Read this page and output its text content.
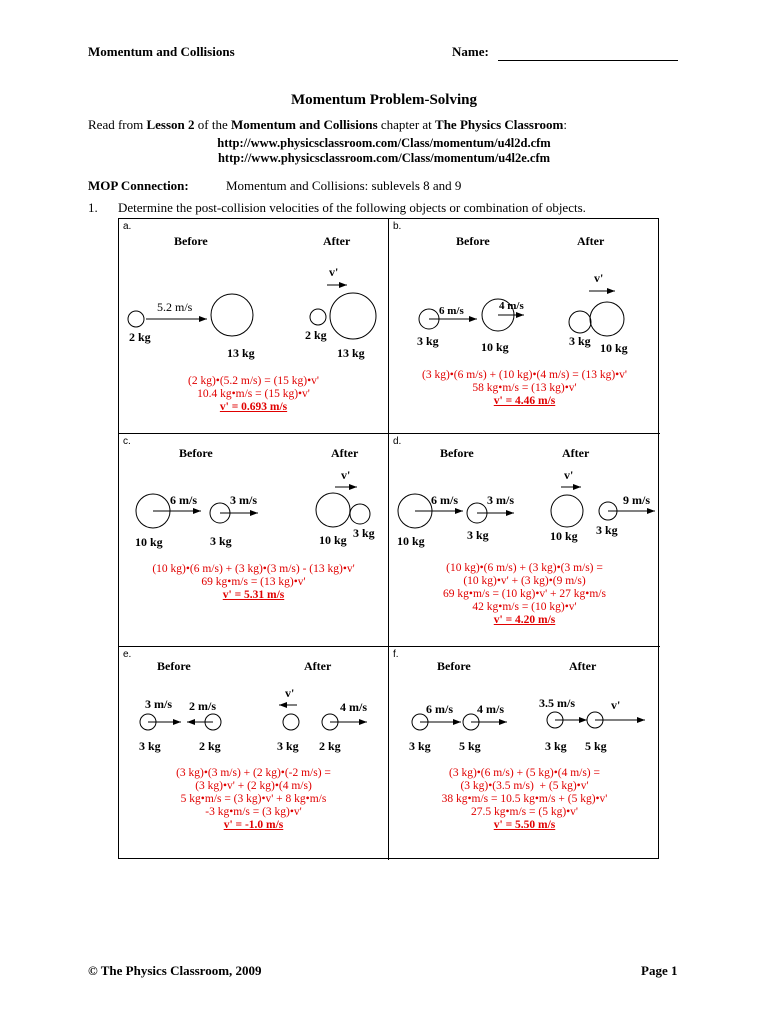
Momentum and Collisions	Name:
Momentum Problem-Solving
Read from Lesson 2 of the Momentum and Collisions chapter at The Physics Classroom:
http://www.physicsclassroom.com/Class/momentum/u4l2d.cfm
http://www.physicsclassroom.com/Class/momentum/u4l2e.cfm
MOP Connection:	Momentum and Collisions: sublevels 8 and 9
1. Determine the post-collision velocities of the following objects or combination of objects.
a.
Before	After
5.2 m/s
2 kg
13 kg
v'
2 kg
13 kg
(2 kg)•(5.2 m/s) = (15 kg)•v'
10.4 kg•m/s = (15 kg)•v'
v' = 0.693 m/s
b.
Before	After
6 m/s	4 m/s
3 kg	10 kg
v'
3 kg 10 kg
(3 kg)•(6 m/s) + (10 kg)•(4 m/s) = (13 kg)•v'
58 kg•m/s = (13 kg)•v'
v' = 4.46 m/s
c.
Before	After
6 m/s	3 m/s
10 kg	3 kg
v'
10 kg 3 kg
(10 kg)•(6 m/s) + (3 kg)•(3 m/s) - (13 kg)•v'
69 kg•m/s = (13 kg)•v'
v' = 5.31 m/s
d.
Before	After
6 m/s 3 m/s
10 kg	3 kg
v'
9 m/s
10 kg 3 kg
(10 kg)•(6 m/s) + (3 kg)•(3 m/s) =
(10 kg)•v' + (3 kg)•(9 m/s)
69 kg•m/s = (10 kg)•v' + 27 kg•m/s
42 kg•m/s = (10 kg)•v'
v' = 4.20 m/s
e.
Before	After
3 m/s 2 m/s
3 kg	2 kg
v'
4 m/s
3 kg 2 kg
(3 kg)•(3 m/s) + (2 kg)•(-2 m/s) =
(3 kg)•v' + (2 kg)•(4 m/s)
5 kg•m/s = (3 kg)•v' + 8 kg•m/s
-3 kg•m/s = (3 kg)•v'
v' = -1.0 m/s
f.
Before	After
6 m/s 4 m/s
3 kg 5 kg
3.5 m/s	v'
3 kg 5 kg
(3 kg)•(6 m/s) + (5 kg)•(4 m/s) =
(3 kg)•(3.5 m/s)  + (5 kg)•v'
38 kg•m/s = 10.5 kg•m/s + (5 kg)•v'
27.5 kg•m/s = (5 kg)•v'
v' = 5.50 m/s
© The Physics Classroom, 2009	Page 1
